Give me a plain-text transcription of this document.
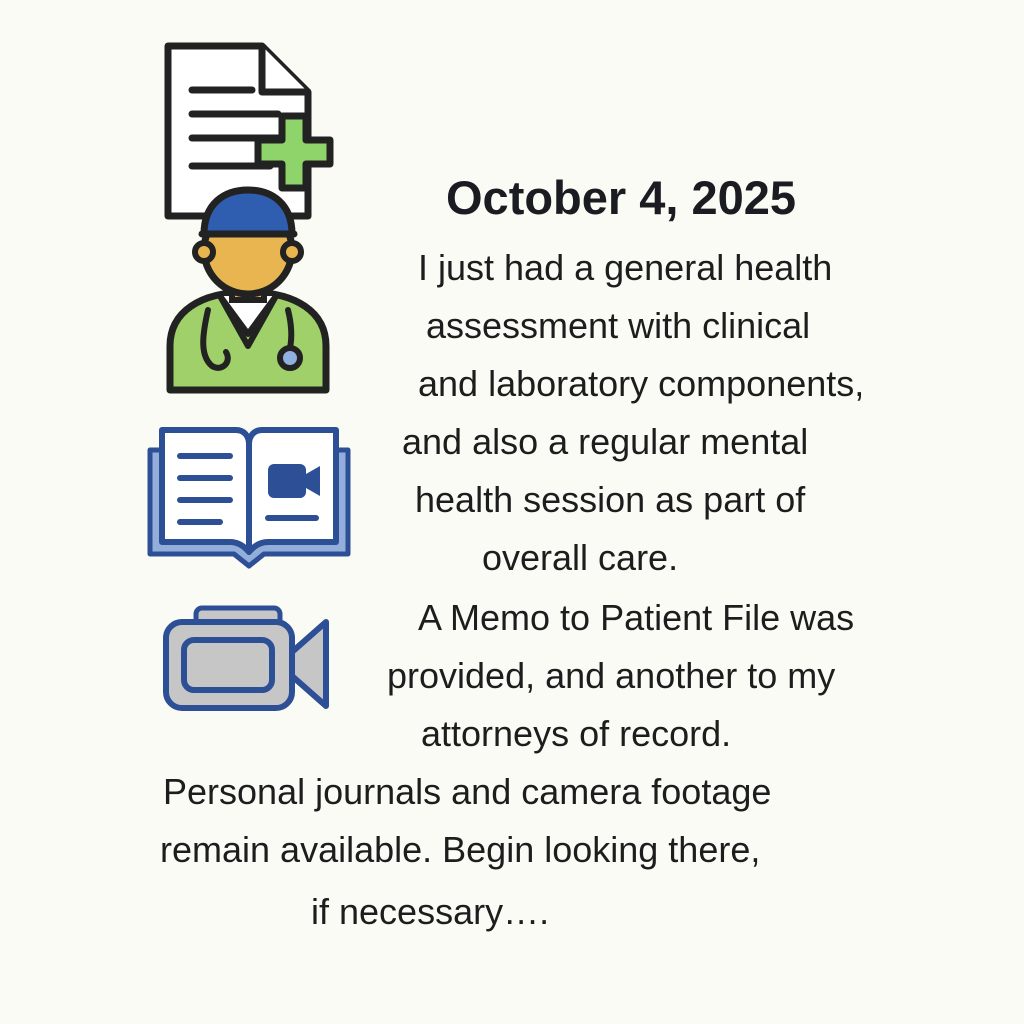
October 4, 2025
I just had a general health
assessment with clinical
and laboratory components,
and also a regular mental
health session as part of
overall care.
A Memo to Patient File was
provided, and another to my
attorneys of record.
Personal journals and camera footage
remain available. Begin looking there,
if necessary….
